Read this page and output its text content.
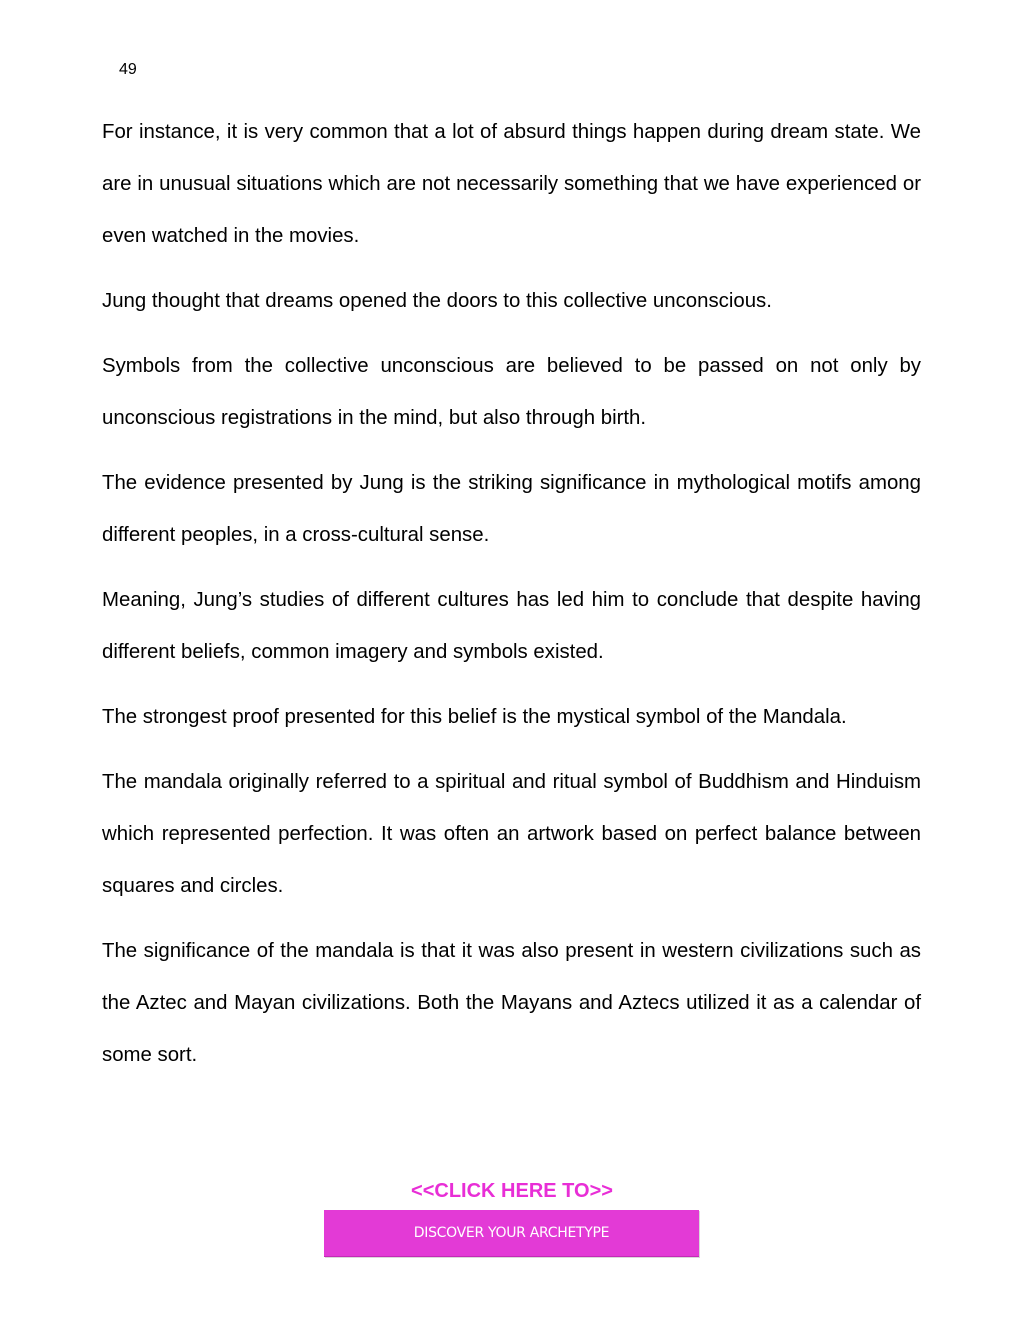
49

For instance, it is very common that a lot of absurd things happen during dream state. We are in unusual situations which are not necessarily something that we have experienced or even watched in the movies.

Jung thought that dreams opened the doors to this collective unconscious.

Symbols from the collective unconscious are believed to be passed on not only by unconscious registrations in the mind, but also through birth.

The evidence presented by Jung is the striking significance in mythological motifs among different peoples, in a cross-cultural sense.

Meaning, Jung’s studies of different cultures has led him to conclude that despite having different beliefs, common imagery and symbols existed.

The strongest proof presented for this belief is the mystical symbol of the Mandala.

The mandala originally referred to a spiritual and ritual symbol of Buddhism and Hinduism which represented perfection. It was often an artwork based on perfect balance between squares and circles.

The significance of the mandala is that it was also present in western civilizations such as the Aztec and Mayan civilizations. Both the Mayans and Aztecs utilized it as a calendar of some sort.

<<CLICK HERE TO>>
DISCOVER YOUR ARCHETYPE
